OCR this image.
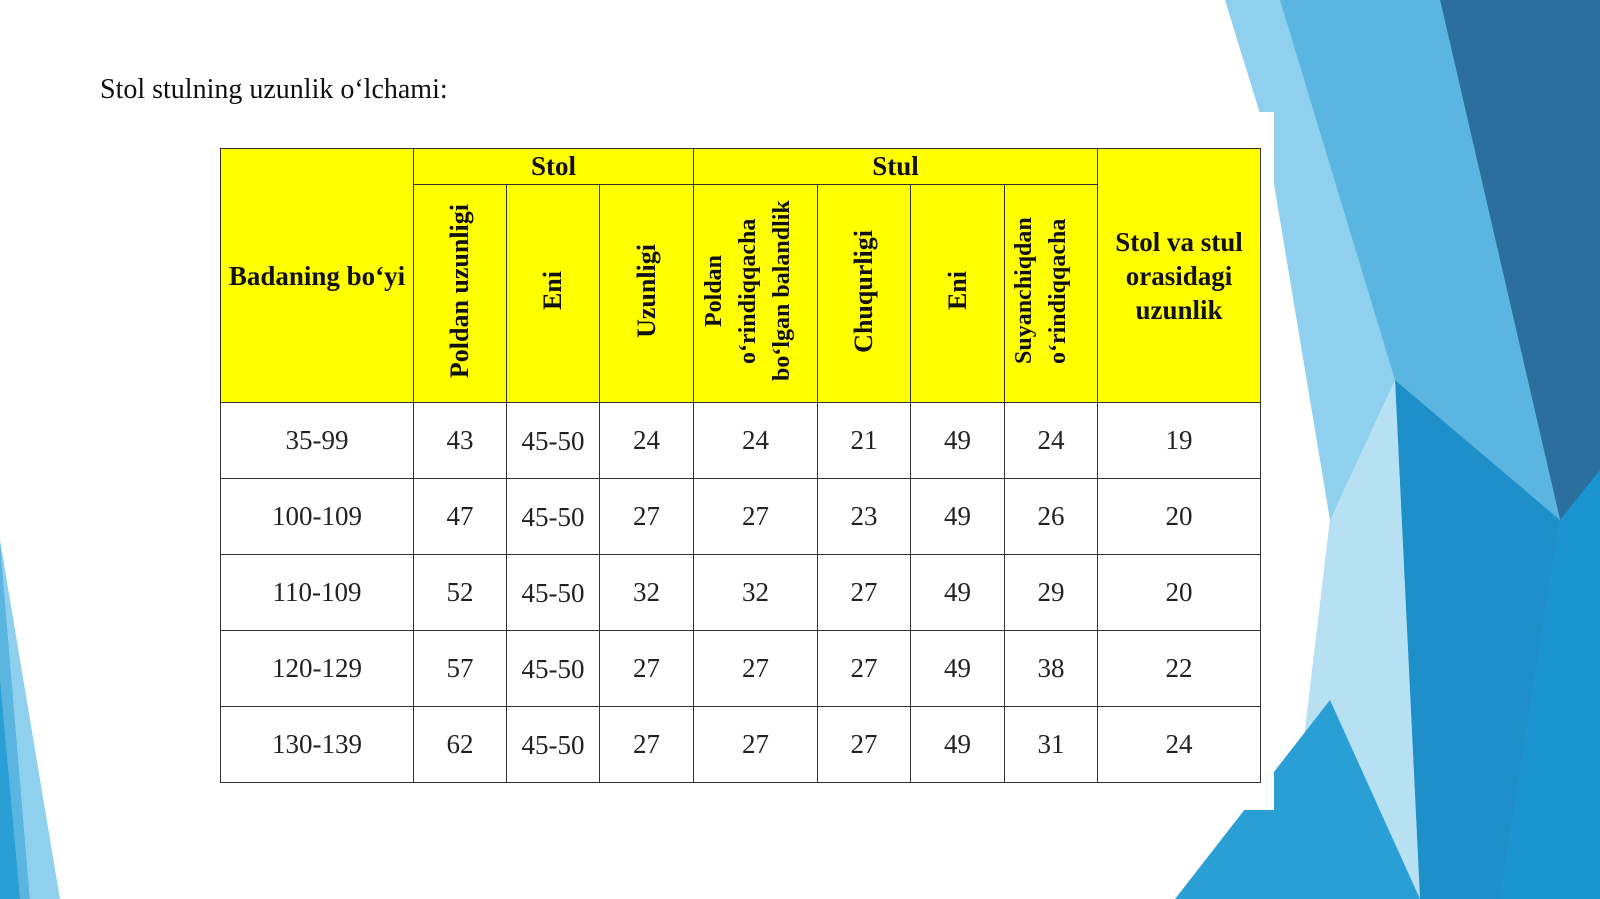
Stol stulning uzunlik o‘lchami:
Badaning bo‘yi	Stol			Stul				Stol va stul orasidagi uzunlik
	Poldan uzunligi	Eni	Uzunligi	Poldan o‘rindiqqacha bo‘lgan balandlik	Chuqurligi	Eni	Suyanchiqdan o‘rindiqqacha	
35-99	43	45-50	24	24	21	49	24	19
100-109	47	45-50	27	27	23	49	26	20
110-109	52	45-50	32	32	27	49	29	20
120-129	57	45-50	27	27	27	49	38	22
130-139	62	45-50	27	27	27	49	31	24
